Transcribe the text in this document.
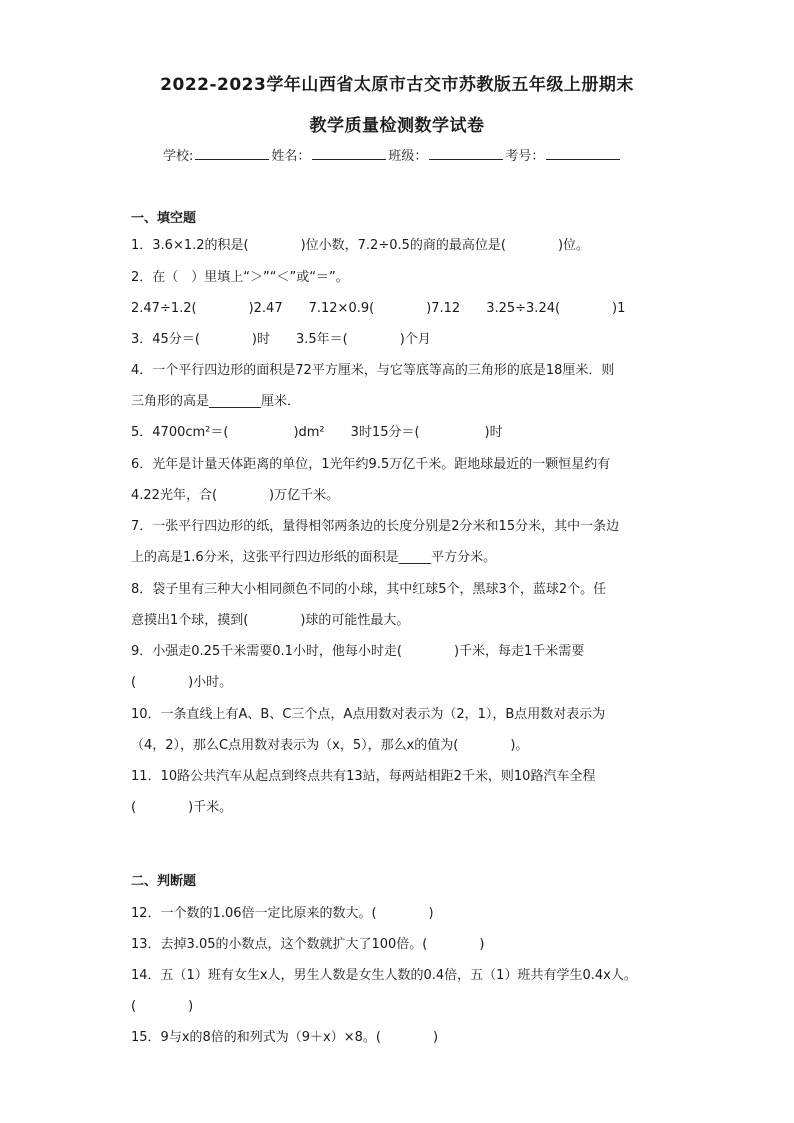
2022-2023学年山西省太原市古交市苏教版五年级上册期末
教学质量检测数学试卷
学校:	姓名：	班级：	考号：
一、填空题
1．3.6×1.2的积是(　　　　)位小数，7.2÷0.5的商的最高位是(　　　　)位。
2．在（　）里填上“＞”“＜”或“＝”。
2.47÷1.2(　　　　)2.47　　7.12×0.9(　　　　)7.12　　3.25÷3.24(　　　　)1
3．45分＝(　　　　)时　　3.5年＝(　　　　)个月
4．一个平行四边形的面积是72平方厘米，与它等底等高的三角形的底是18厘米．则
三角形的高是________厘米．
5．4700cm²＝(　　　　　)dm²　　3时15分＝(　　　　　)时
6．光年是计量天体距离的单位，1光年约9.5万亿千米。距地球最近的一颗恒星约有
4.22光年，合(　　　　)万亿千米。
7．一张平行四边形的纸，量得相邻两条边的长度分别是2分米和15分米，其中一条边
上的高是1.6分米，这张平行四边形纸的面积是_____平方分米。
8．袋子里有三种大小相同颜色不同的小球，其中红球5个，黑球3个，蓝球2个。任
意摸出1个球，摸到(　　　　)球的可能性最大。
9．小强走0.25千米需要0.1小时，他每小时走(　　　　)千米，每走1千米需要
(　　　　)小时。
10．一条直线上有A、B、C三个点，A点用数对表示为（2，1），B点用数对表示为
（4，2），那么C点用数对表示为（x，5），那么x的值为(　　　　)。
11．10路公共汽车从起点到终点共有13站，每两站相距2千米，则10路汽车全程
(　　　　)千米。
二、判断题
12．一个数的1.06倍一定比原来的数大。(　　　　)
13．去掉3.05的小数点，这个数就扩大了100倍。(　　　　)
14．五（1）班有女生x人，男生人数是女生人数的0.4倍，五（1）班共有学生0.4x人。
(　　　　)
15．9与x的8倍的和列式为（9＋x）×8。(　　　　)
